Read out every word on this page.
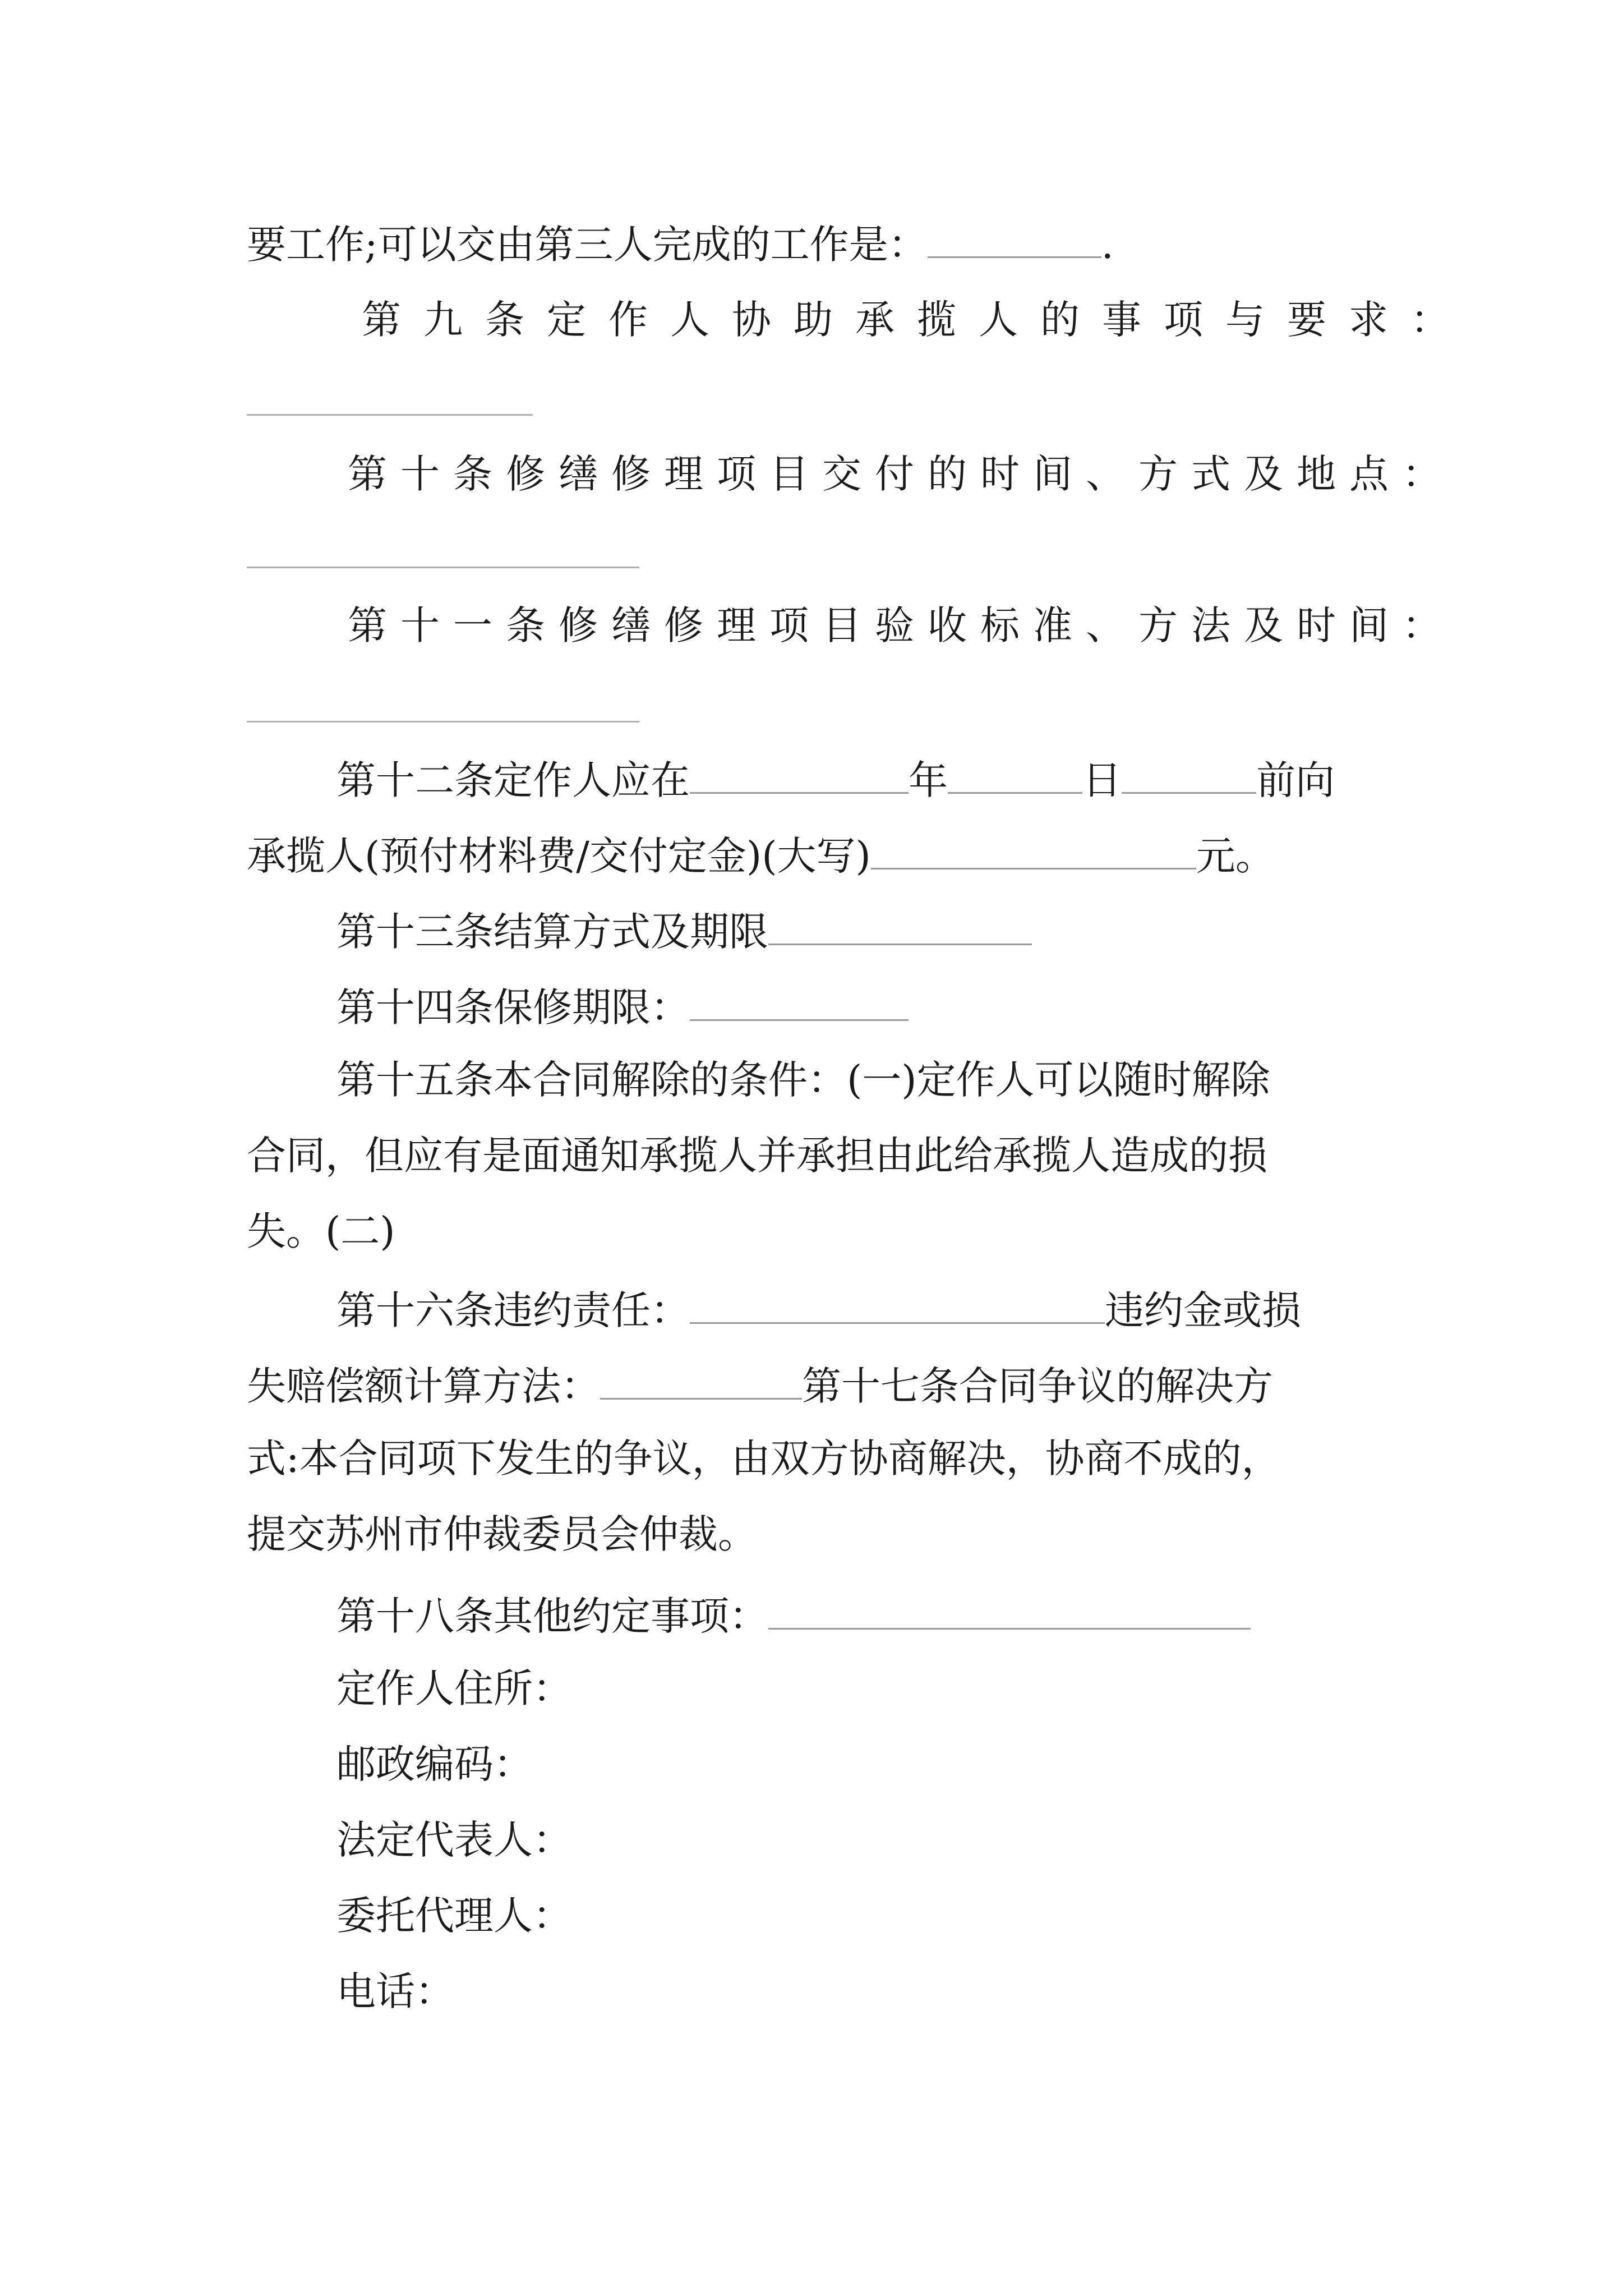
要工作;可以交由第三人完成的工作是：	.
第九条定作人协助承揽人的事项与要求：
第十条修缮修理项目交付的时间、方式及地点：
第十一条修缮修理项目验收标准、方法及时间：
第十二条定作人应在	年	日	前向
承揽人(预付材料费/交付定金)(大写)	元。
第十三条结算方式及期限
第十四条保修期限：
第十五条本合同解除的条件：(一)定作人可以随时解除
合同，但应有是面通知承揽人并承担由此给承揽人造成的损
失。(二)
第十六条违约责任：	违约金或损
失赔偿额计算方法：	第十七条合同争议的解决方
式:本合同项下发生的争议，由双方协商解决，协商不成的，
提交苏州市仲裁委员会仲裁。
第十八条其他约定事项：
定作人住所：
邮政编码：
法定代表人：
委托代理人：
电话：
